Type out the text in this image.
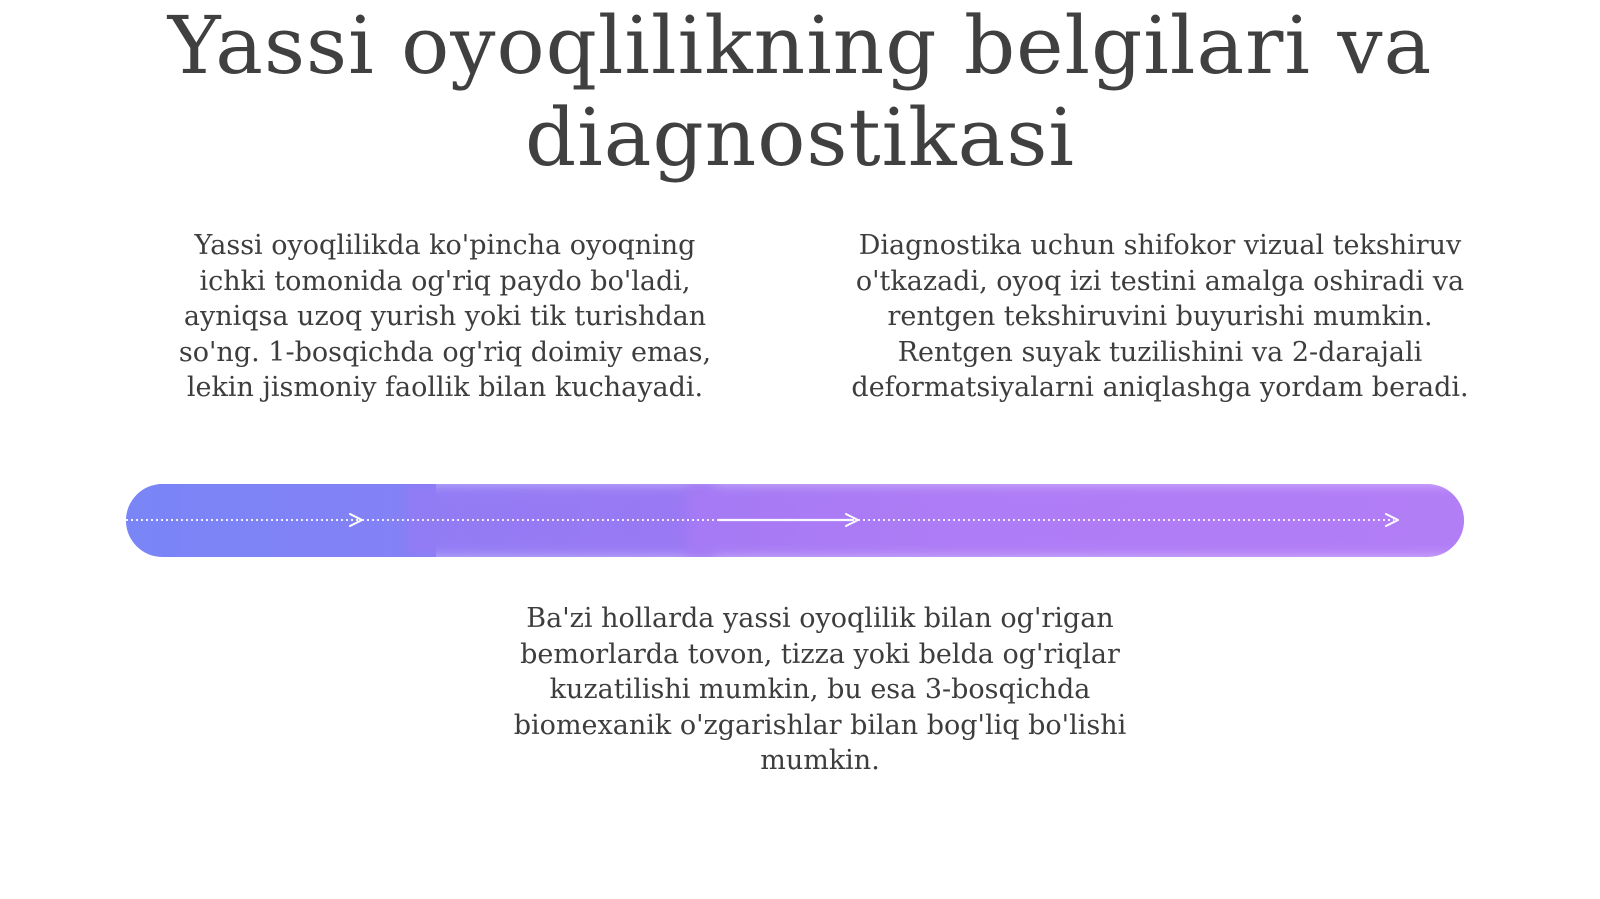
Yassi oyoqlilikning belgilari va diagnostikasi

Yassi oyoqlilikda ko'pincha oyoqning ichki tomonida og'riq paydo bo'ladi, ayniqsa uzoq yurish yoki tik turishdan so'ng. 1-bosqichda og'riq doimiy emas, lekin jismoniy faollik bilan kuchayadi.

Diagnostika uchun shifokor vizual tekshiruv o'tkazadi, oyoq izi testini amalga oshiradi va rentgen tekshiruvini buyurishi mumkin. Rentgen suyak tuzilishini va 2-darajali deformatsiyalarni aniqlashga yordam beradi.

Ba'zi hollarda yassi oyoqlilik bilan og'rigan bemorlarda tovon, tizza yoki belda og'riqlar kuzatilishi mumkin, bu esa 3-bosqichda biomexanik o'zgarishlar bilan bog'liq bo'lishi mumkin.
